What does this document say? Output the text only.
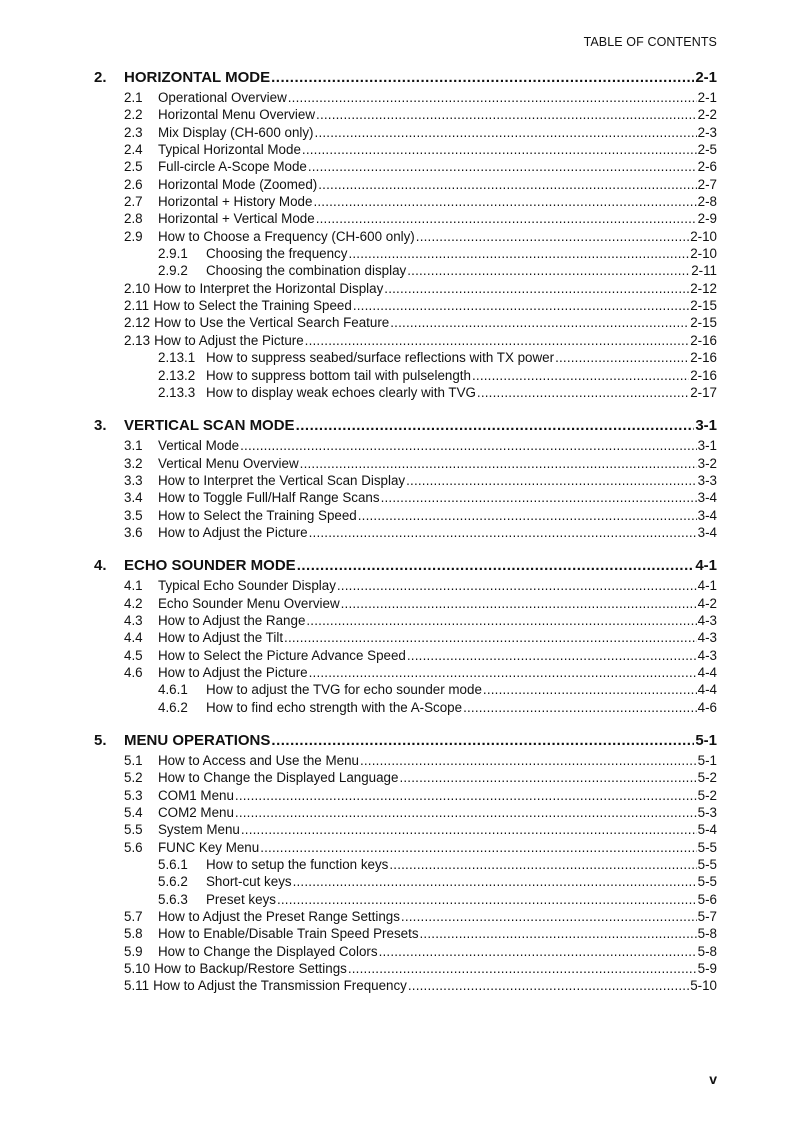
TABLE OF CONTENTS
2.	HORIZONTAL MODE .....	2-1
2.1	Operational Overview .....	2-1
2.2	Horizontal Menu Overview .....	2-2
2.3	Mix Display (CH-600 only) .....	2-3
2.4	Typical Horizontal Mode .....	2-5
2.5	Full-circle A-Scope Mode .....	2-6
2.6	Horizontal Mode (Zoomed) .....	2-7
2.7	Horizontal + History Mode .....	2-8
2.8	Horizontal + Vertical Mode .....	2-9
2.9	How to Choose a Frequency (CH-600 only) .....	2-10
2.9.1	Choosing the frequency .....	2-10
2.9.2	Choosing the combination display .....	2-11
2.10 How to Interpret the Horizontal Display .....	2-12
2.11 How to Select the Training Speed .....	2-15
2.12 How to Use the Vertical Search Feature .....	2-15
2.13 How to Adjust the Picture .....	2-16
2.13.1 How to suppress seabed/surface reflections with TX power .....	2-16
2.13.2 How to suppress bottom tail with pulselength .....	2-16
2.13.3 How to display weak echoes clearly with TVG .....	2-17
3.	VERTICAL SCAN MODE .....	3-1
3.1	Vertical Mode .....	3-1
3.2	Vertical Menu Overview .....	3-2
3.3	How to Interpret the Vertical Scan Display .....	3-3
3.4	How to Toggle Full/Half Range Scans .....	3-4
3.5	How to Select the Training Speed .....	3-4
3.6	How to Adjust the Picture .....	3-4
4.	ECHO SOUNDER MODE .....	4-1
4.1	Typical Echo Sounder Display .....	4-1
4.2	Echo Sounder Menu Overview .....	4-2
4.3	How to Adjust the Range .....	4-3
4.4	How to Adjust the Tilt .....	4-3
4.5	How to Select the Picture Advance Speed .....	4-3
4.6	How to Adjust the Picture .....	4-4
4.6.1	How to adjust the TVG for echo sounder mode .....	4-4
4.6.2	How to find echo strength with the A-Scope .....	4-6
5.	MENU OPERATIONS .....	5-1
5.1	How to Access and Use the Menu .....	5-1
5.2	How to Change the Displayed Language .....	5-2
5.3	COM1 Menu .....	5-2
5.4	COM2 Menu .....	5-3
5.5	System Menu .....	5-4
5.6	FUNC Key Menu .....	5-5
5.6.1	How to setup the function keys .....	5-5
5.6.2	Short-cut keys .....	5-5
5.6.3	Preset keys .....	5-6
5.7	How to Adjust the Preset Range Settings .....	5-7
5.8	How to Enable/Disable Train Speed Presets .....	5-8
5.9	How to Change the Displayed Colors .....	5-8
5.10 How to Backup/Restore Settings .....	5-9
5.11 How to Adjust the Transmission Frequency .....	5-10
v
